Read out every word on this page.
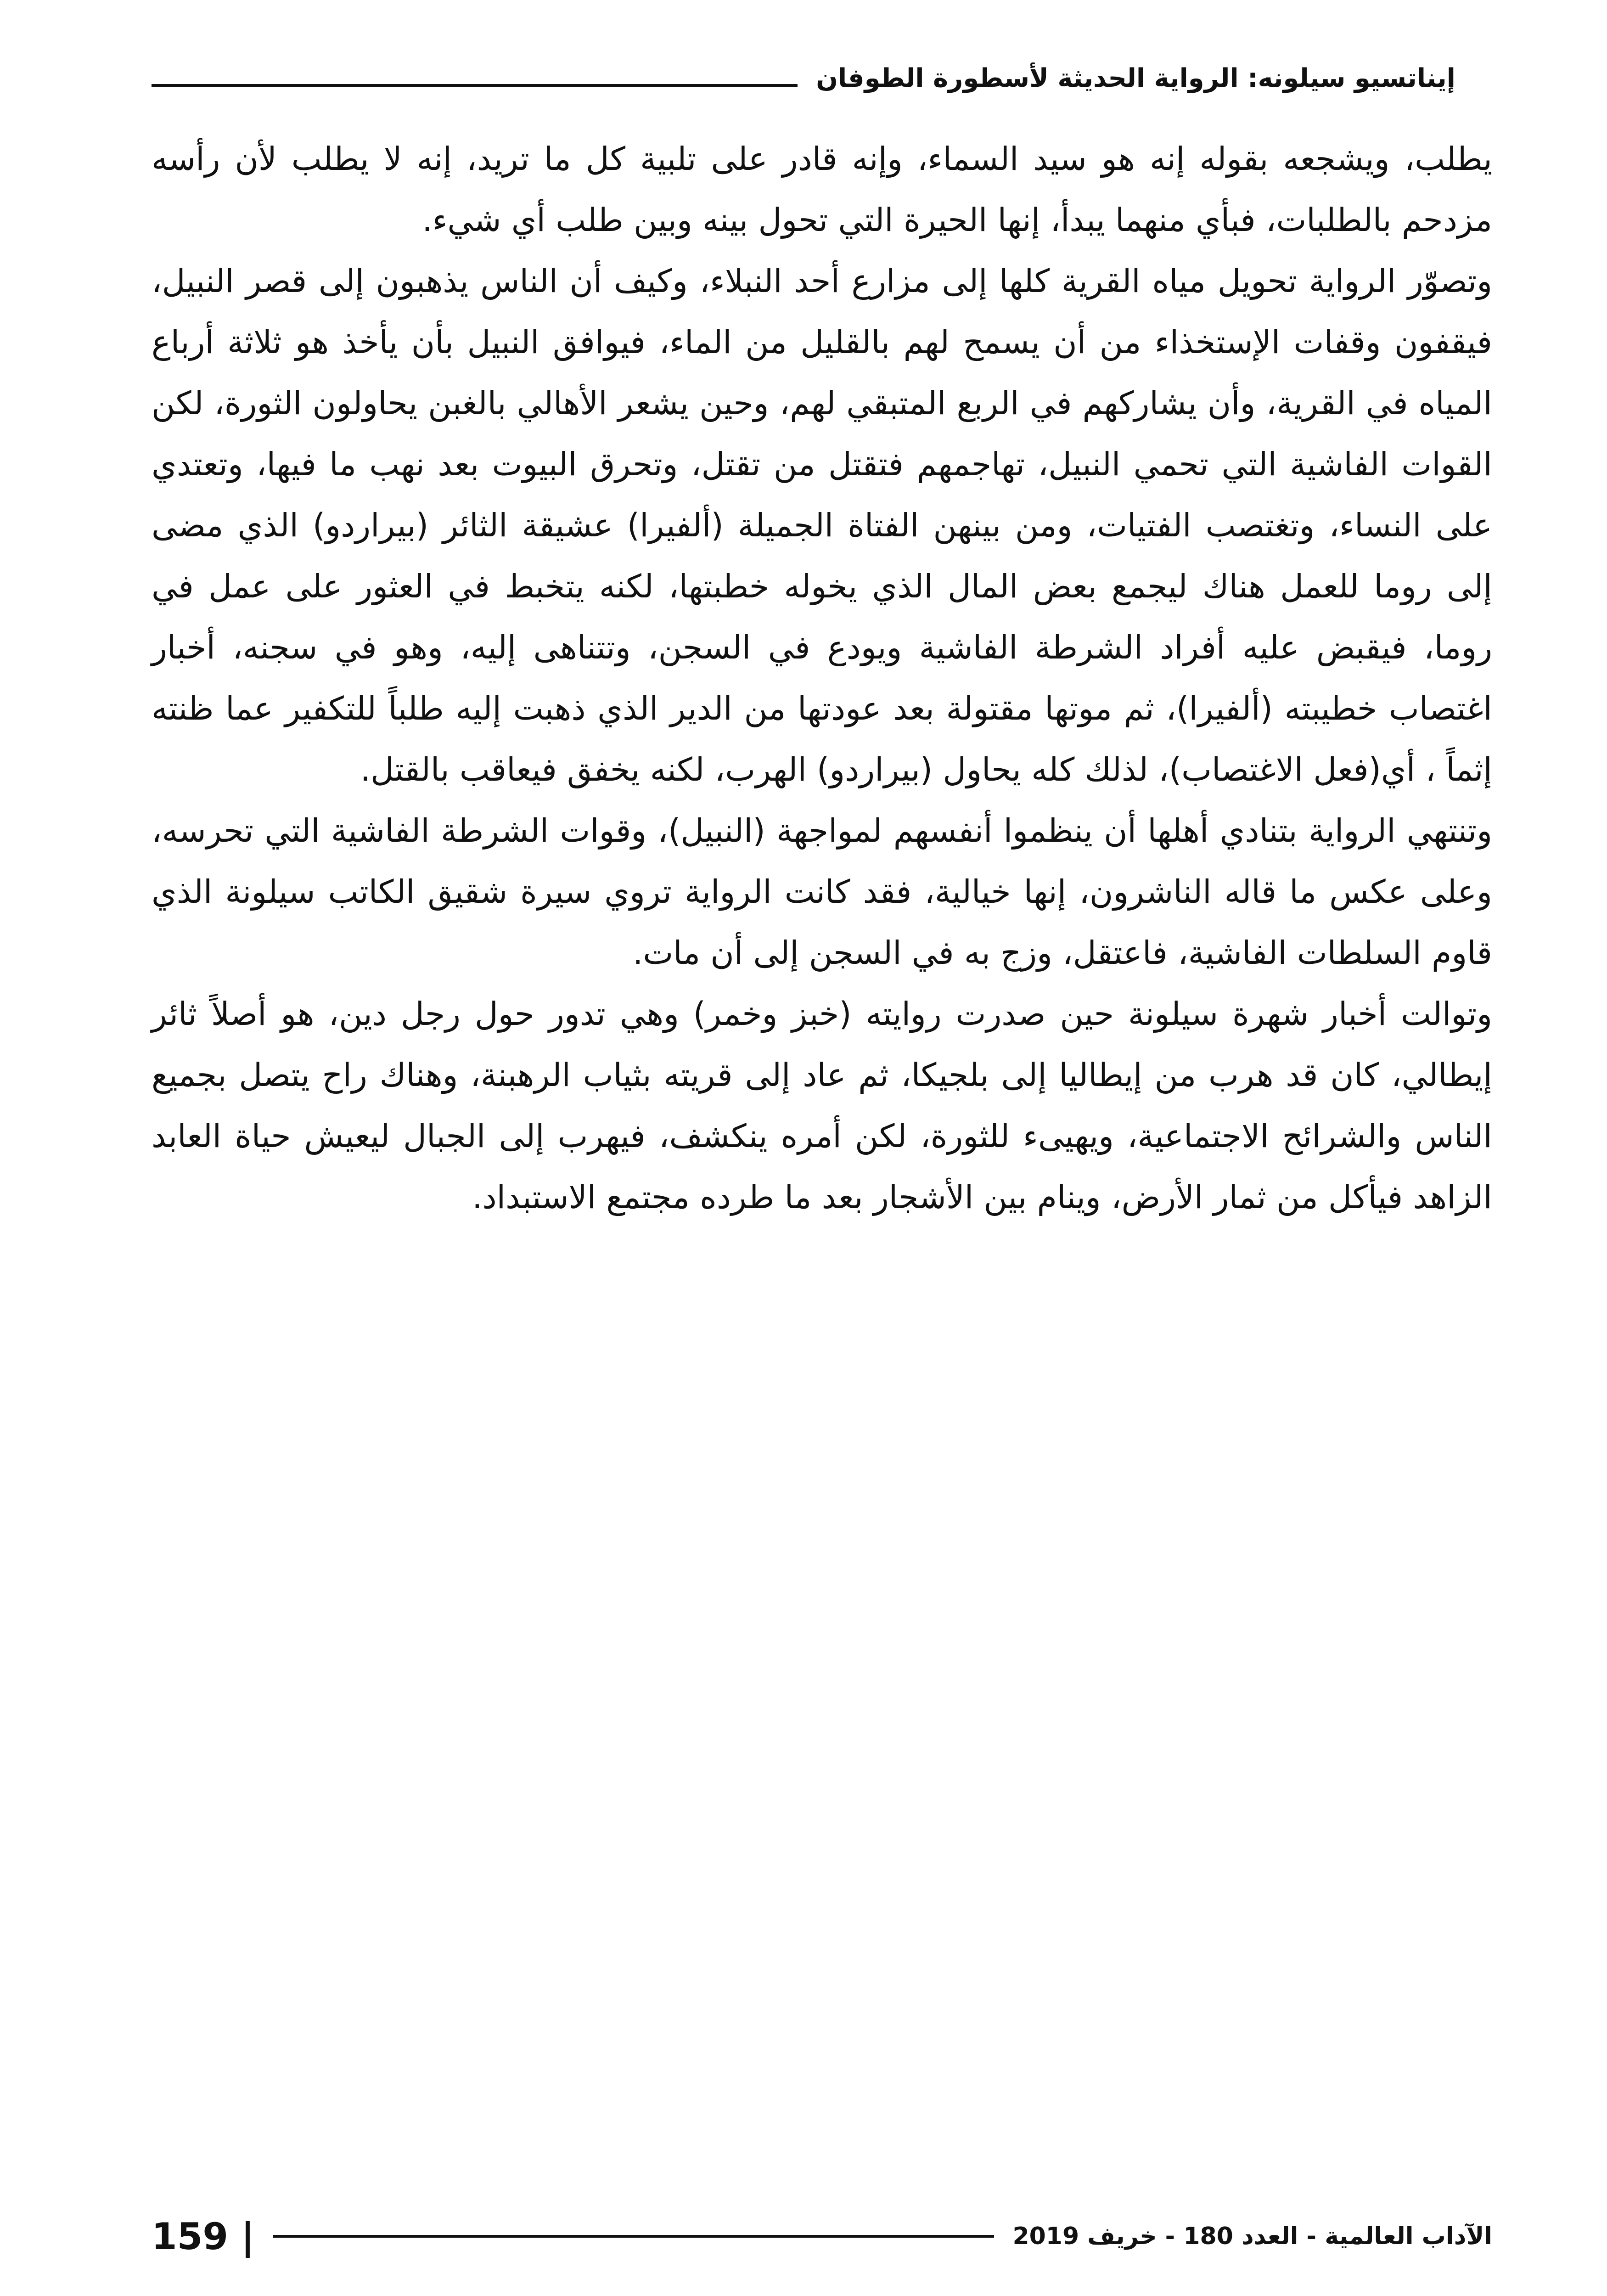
إيناتسيو سيلونه: الرواية الحديثة لأسطورة الطوفان

يطلب، ويشجعه بقوله إنه هو سيد السماء، وإنه قادر على تلبية كل ما تريد، إنه لا يطلب لأن رأسه مزدحم بالطلبات، فبأي منهما يبدأ، إنها الحيرة التي تحول بينه وبين طلب أي شيء.

وتصوّر الرواية تحويل مياه القرية كلها إلى مزارع أحد النبلاء، وكيف أن الناس يذهبون إلى قصر النبيل، فيقفون وقفات الإستخذاء من أن يسمح لهم بالقليل من الماء، فيوافق النبيل بأن يأخذ هو ثلاثة أرباع المياه في القرية، وأن يشاركهم في الربع المتبقي لهم، وحين يشعر الأهالي بالغبن يحاولون الثورة، لكن القوات الفاشية التي تحمي النبيل، تهاجمهم فتقتل من تقتل، وتحرق البيوت بعد نهب ما فيها، وتعتدي على النساء، وتغتصب الفتيات، ومن بينهن الفتاة الجميلة (ألفيرا) عشيقة الثائر (بيراردو) الذي مضى إلى روما للعمل هناك ليجمع بعض المال الذي يخوله خطبتها، لكنه يتخبط في العثور على عمل في روما، فيقبض عليه أفراد الشرطة الفاشية ويودع في السجن، وتتناهى إليه، وهو في سجنه، أخبار اغتصاب خطيبته (ألفيرا)، ثم موتها مقتولة بعد عودتها من الدير الذي ذهبت إليه طلباً للتكفير عما ظنته إثماً ، أي(فعل الاغتصاب)، لذلك كله يحاول (بيراردو) الهرب، لكنه يخفق فيعاقب بالقتل.

وتنتهي الرواية بتنادي أهلها أن ينظموا أنفسهم لمواجهة (النبيل)، وقوات الشرطة الفاشية التي تحرسه، وعلى عكس ما قاله الناشرون، إنها خيالية، فقد كانت الرواية تروي سيرة شقيق الكاتب سيلونة الذي قاوم السلطات الفاشية، فاعتقل، وزج به في السجن إلى أن مات.

وتوالت أخبار شهرة سيلونة حين صدرت روايته (خبز وخمر) وهي تدور حول رجل دين، هو أصلاً ثائر إيطالي، كان قد هرب من إيطاليا إلى بلجيكا، ثم عاد إلى قريته بثياب الرهبنة، وهناك راح يتصل بجميع الناس والشرائح الاجتماعية، ويهيىء للثورة، لكن أمره ينكشف، فيهرب إلى الجبال ليعيش حياة العابد الزاهد فيأكل من ثمار الأرض، وينام بين الأشجار بعد ما طرده مجتمع الاستبداد.

الآداب العالمية - العدد 180 - خريف 2019
159 |
